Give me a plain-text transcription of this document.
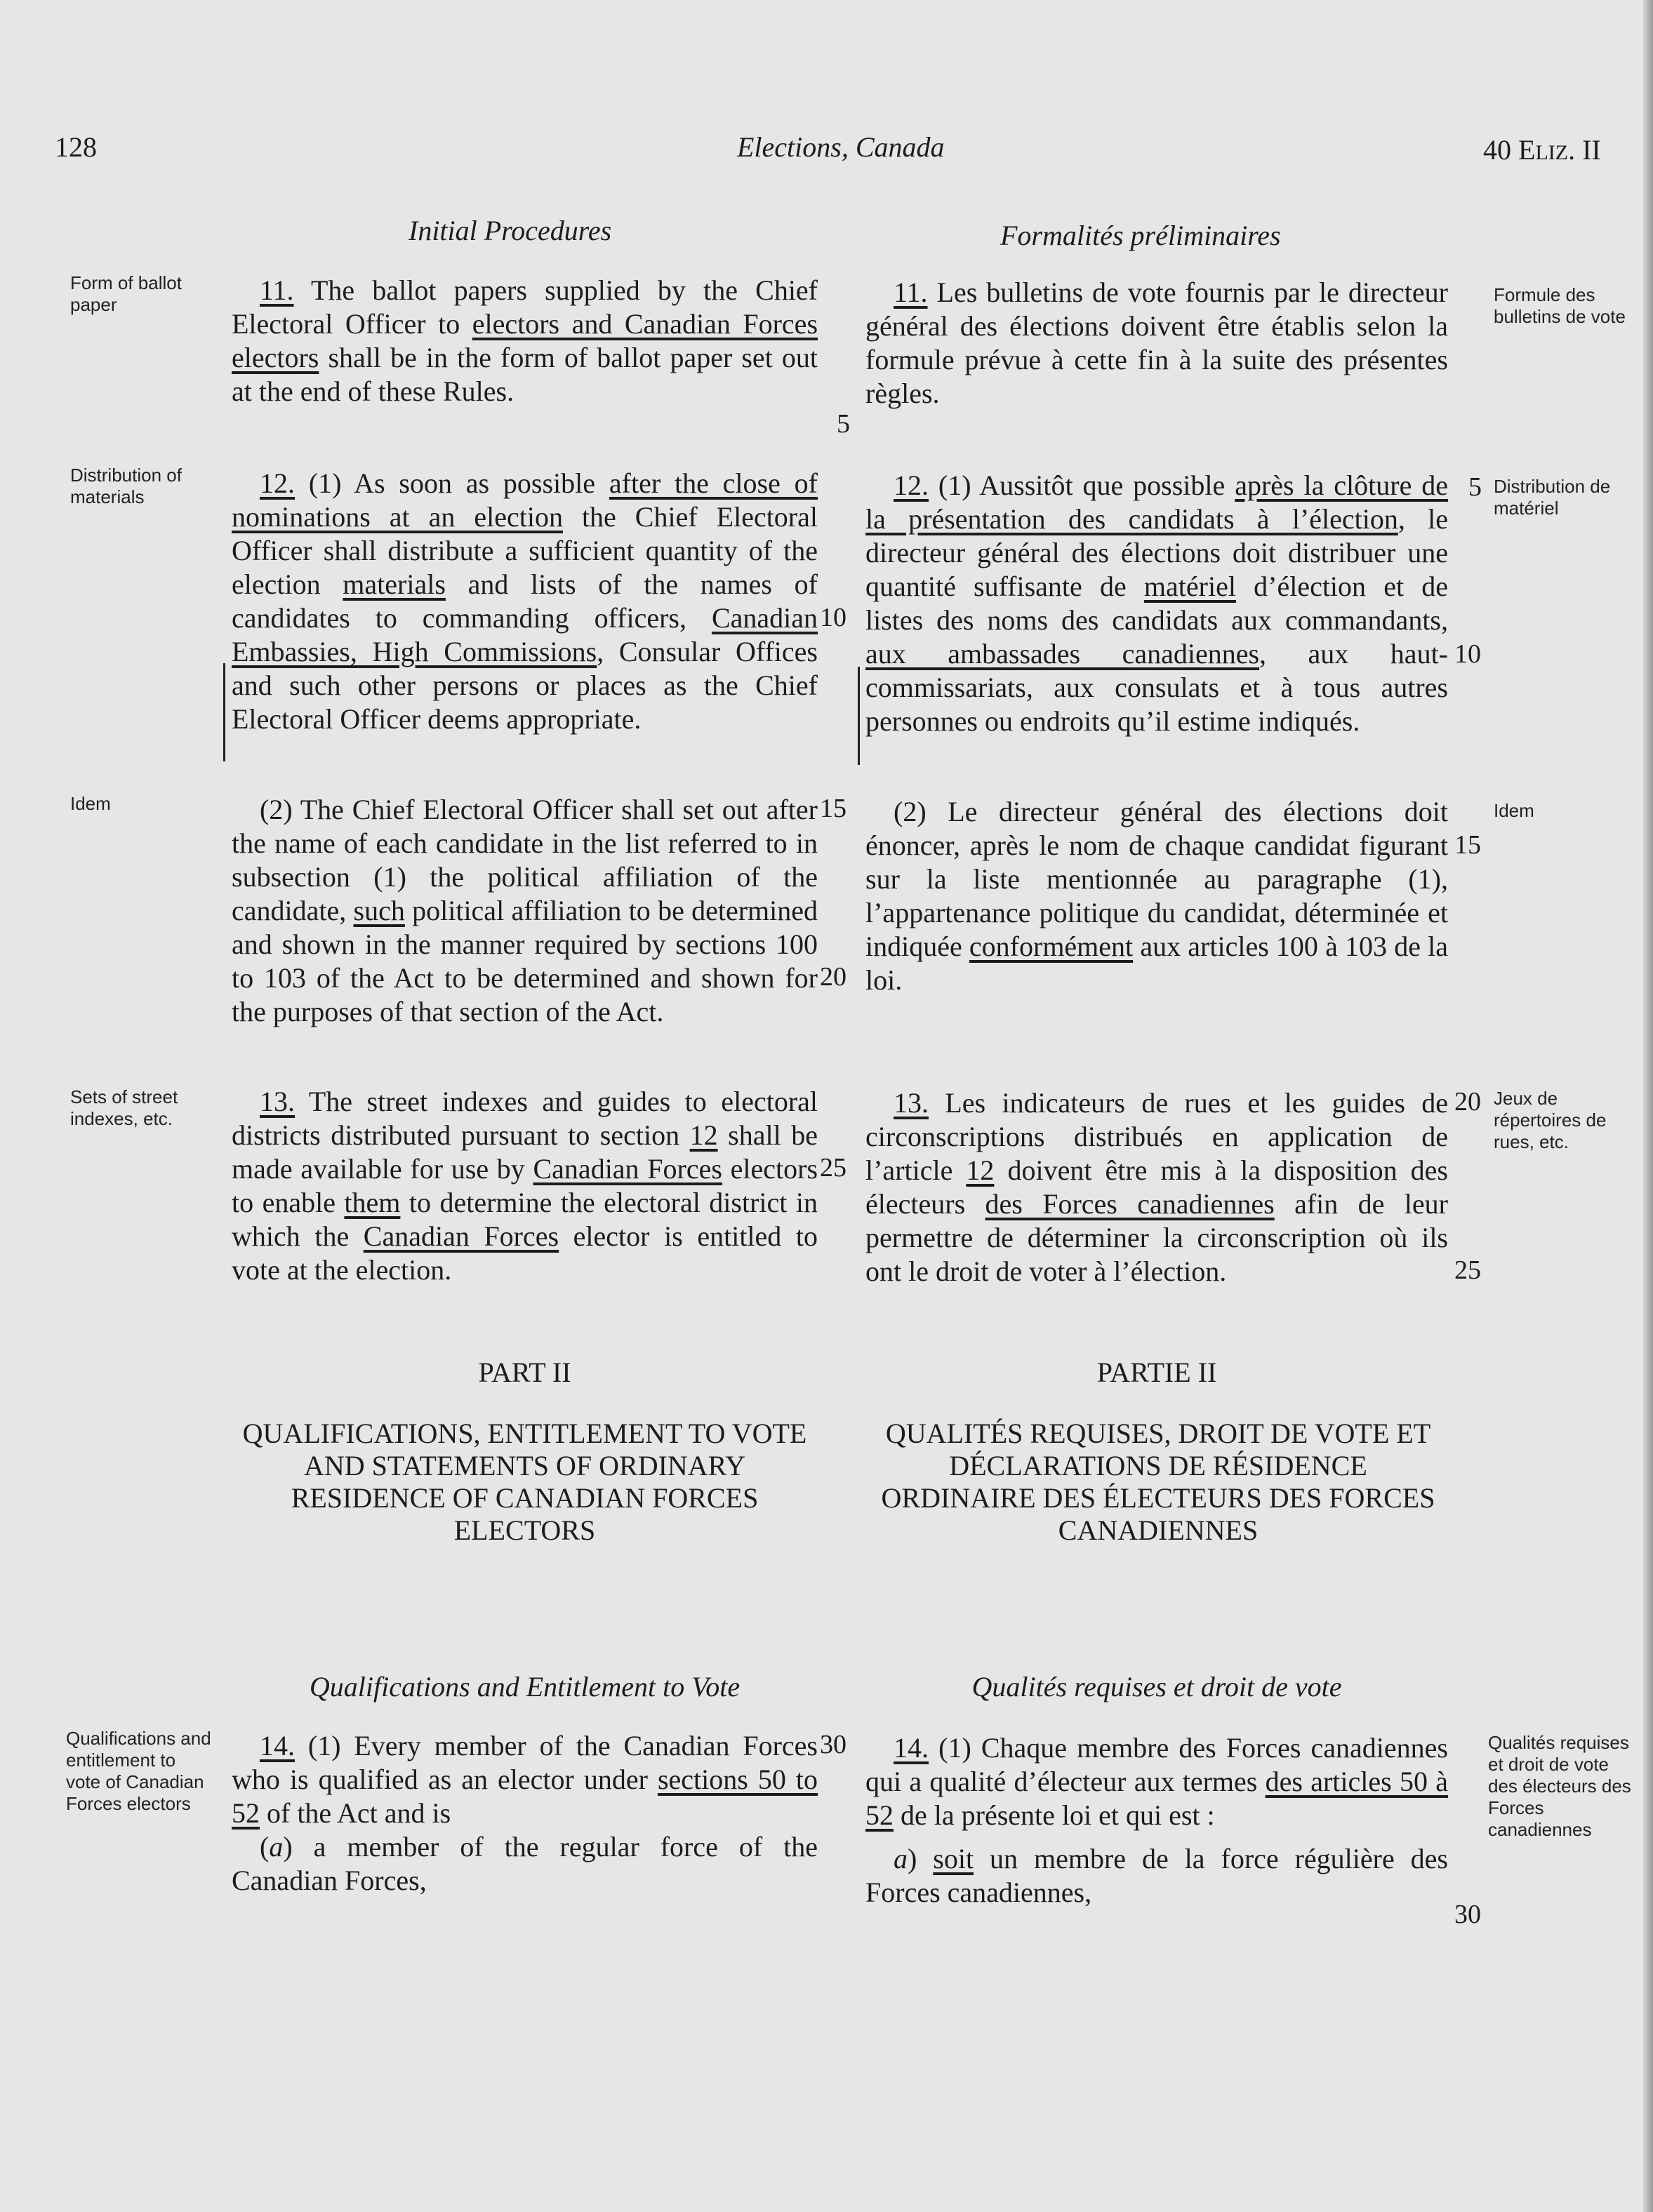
128	Elections, Canada	40 ELIZ. II
Form of ballot paper
Distribution of materials
Idem
Sets of street indexes, etc.
Qualifications and entitlement to vote of Canadian Forces electors
Formule des bulletins de vote
Distribution de matériel
Idem
Jeux de répertoires de rues, etc.
Qualités requises et droit de vote des électeurs des Forces canadiennes
Initial Procedures

11. The ballot papers supplied by the Chief Electoral Officer to electors and Canadian Forces electors shall be in the form of ballot paper set out at the end of these Rules.

12. (1) As soon as possible after the close of nominations at an election the Chief Electoral Officer shall distribute a sufficient quantity of the election materials and lists of the names of candidates to commanding officers, Canadian Embassies, High Commissions, Consular Offices and such other persons or places as the Chief Electoral Officer deems appropriate.

(2) The Chief Electoral Officer shall set out after the name of each candidate in the list referred to in subsection (1) the political affiliation of the candidate, such political affiliation to be determined and shown in the manner required by sections 100 to 103 of the Act to be determined and shown for the purposes of that section of the Act.

13. The street indexes and guides to electoral districts distributed pursuant to section 12 shall be made available for use by Canadian Forces electors to enable them to determine the electoral district in which the Canadian Forces elector is entitled to vote at the election.

PART II
QUALIFICATIONS, ENTITLEMENT TO VOTE AND STATEMENTS OF ORDINARY RESIDENCE OF CANADIAN FORCES ELECTORS
Qualifications and Entitlement to Vote

14. (1) Every member of the Canadian Forces who is qualified as an elector under sections 50 to 52 of the Act and is

(a) a member of the regular force of the Canadian Forces,

5
10
15
20
25
30
Formalités préliminaires

11. Les bulletins de vote fournis par le directeur général des élections doivent être établis selon la formule prévue à cette fin à la suite des présentes règles.

12. (1) Aussitôt que possible après la clôture de la présentation des candidats à l’élection, le directeur général des élections doit distribuer une quantité suffisante de matériel d’élection et de listes des noms des candidats aux commandants, aux ambassades canadiennes, aux haut-commissariats, aux consulats et à tous autres personnes ou endroits qu’il estime indiqués.

(2) Le directeur général des élections doit énoncer, après le nom de chaque candidat figurant sur la liste mentionnée au paragraphe (1), l’appartenance politique du candidat, déterminée et indiquée conformément aux articles 100 à 103 de la loi.

13. Les indicateurs de rues et les guides de circonscriptions distribués en application de l’article 12 doivent être mis à la disposition des électeurs des Forces canadiennes afin de leur permettre de déterminer la circonscription où ils ont le droit de voter à l’élection.

PARTIE II
QUALITÉS REQUISES, DROIT DE VOTE ET DÉCLARATIONS DE RÉSIDENCE ORDINAIRE DES ÉLECTEURS DES FORCES CANADIENNES
Qualités requises et droit de vote

14. (1) Chaque membre des Forces canadiennes qui a qualité d’électeur aux termes des articles 50 à 52 de la présente loi et qui est :

a) soit un membre de la force régulière des Forces canadiennes,

5
10
15
20
25
30
